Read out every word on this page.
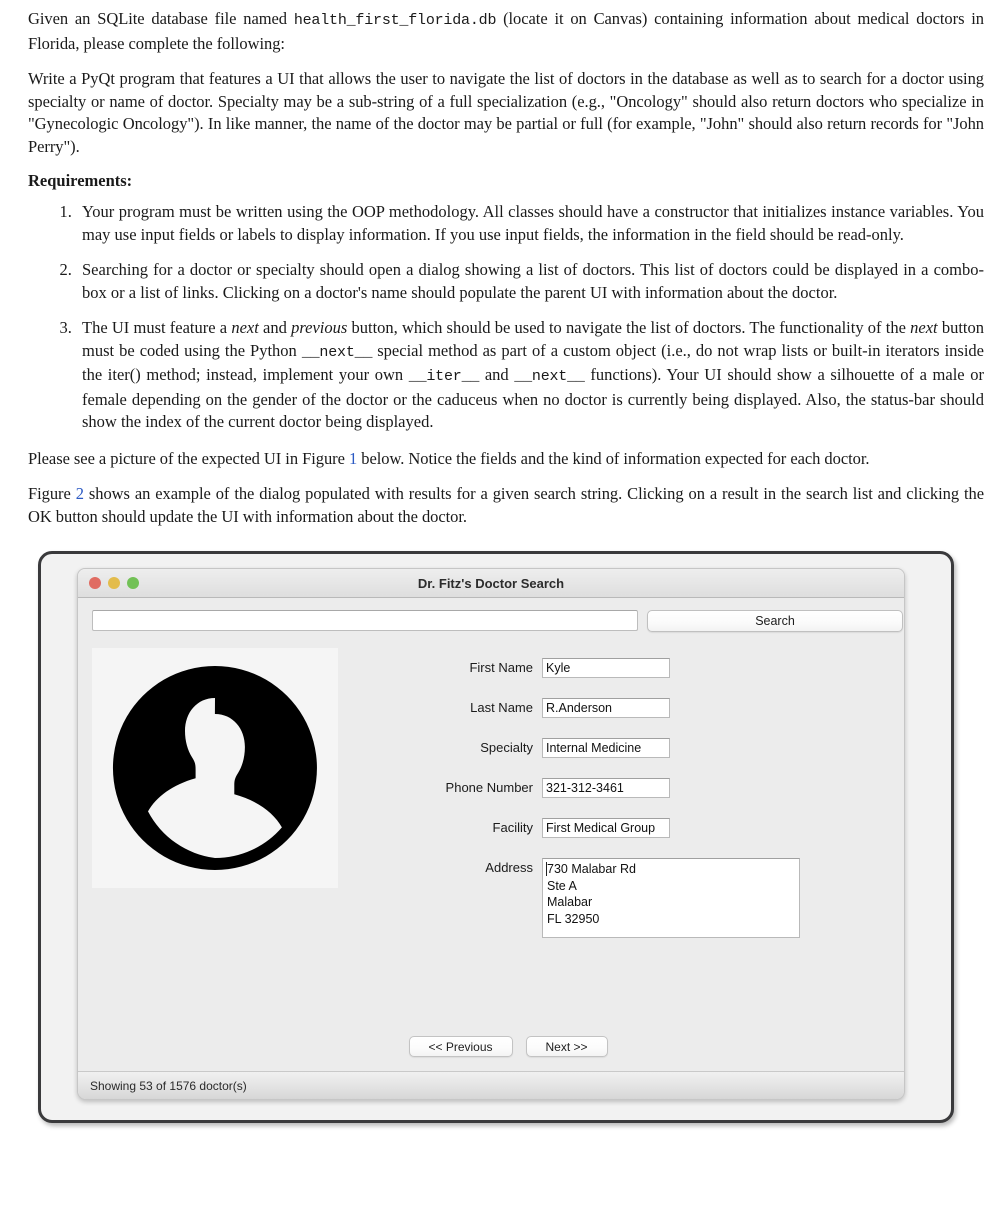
Given an SQLite database file named health_first_florida.db (locate it on Canvas) containing information about medical doctors in Florida, please complete the following:

Write a PyQt program that features a UI that allows the user to navigate the list of doctors in the database as well as to search for a doctor using specialty or name of doctor. Specialty may be a sub-string of a full specialization (e.g., "Oncology" should also return doctors who specialize in "Gynecologic Oncology"). In like manner, the name of the doctor may be partial or full (for example, "John" should also return records for "John Perry").

Requirements:

1. Your program must be written using the OOP methodology. All classes should have a constructor that initializes instance variables. You may use input fields or labels to display information. If you use input fields, the information in the field should be read-only.
2. Searching for a doctor or specialty should open a dialog showing a list of doctors. This list of doctors could be displayed in a combo-box or a list of links. Clicking on a doctor's name should populate the parent UI with information about the doctor.
3. The UI must feature a next and previous button, which should be used to navigate the list of doctors. The functionality of the next button must be coded using the Python __next__ special method as part of a custom object (i.e., do not wrap lists or built-in iterators inside the iter() method; instead, implement your own __iter__ and __next__ functions). Your UI should show a silhouette of a male or female depending on the gender of the doctor or the caduceus when no doctor is currently being displayed. Also, the status-bar should show the index of the current doctor being displayed.

Please see a picture of the expected UI in Figure 1 below. Notice the fields and the kind of information expected for each doctor.

Figure 2 shows an example of the dialog populated with results for a given search string. Clicking on a result in the search list and clicking the OK button should update the UI with information about the doctor.

Dr. Fitz's Doctor Search
Search
First Name	Kyle
Last Name	R.Anderson
Specialty	Internal Medicine
Phone Number	321-312-3461
Facility	First Medical Group
Address	730 Malabar Rd
Ste A
Malabar
FL 32950
<< Previous	Next >>
Showing 53 of 1576 doctor(s)
